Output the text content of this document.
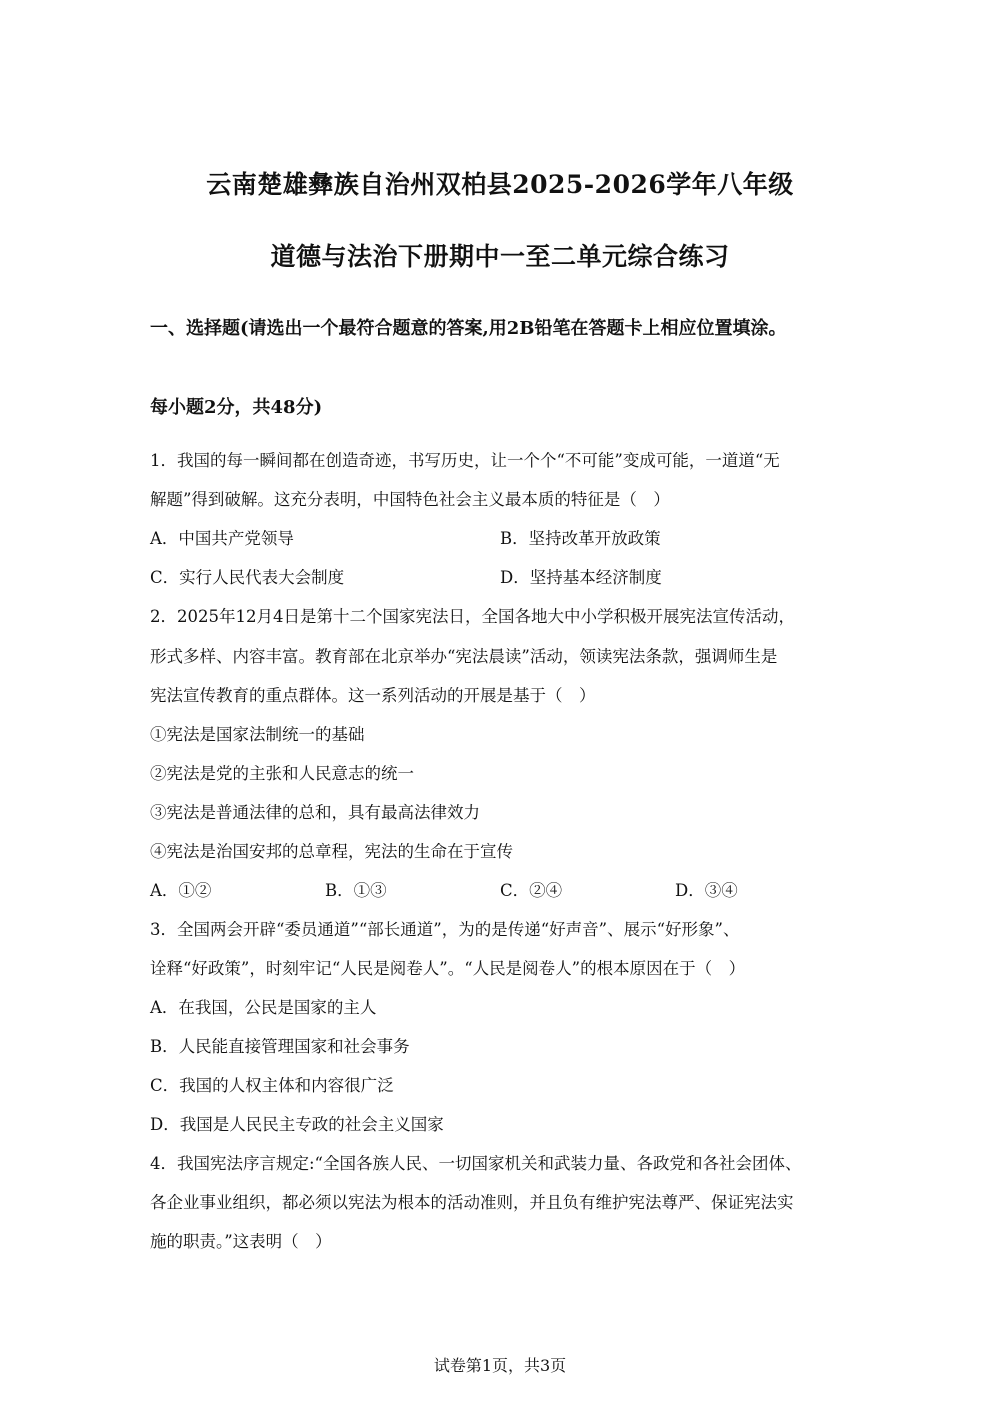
云南楚雄彝族自治州双柏县2025-2026学年八年级
道德与法治下册期中一至二单元综合练习
一、选择题(请选出一个最符合题意的答案,用2B铅笔在答题卡上相应位置填涂。
每小题2分，共48分)
1．我国的每一瞬间都在创造奇迹，书写历史，让一个个“不可能”变成可能，一道道“无
解题”得到破解。这充分表明，中国特色社会主义最本质的特征是（　）
A．中国共产党领导	B．坚持改革开放政策
C．实行人民代表大会制度	D．坚持基本经济制度
2．2025年12月4日是第十二个国家宪法日，全国各地大中小学积极开展宪法宣传活动，
形式多样、内容丰富。教育部在北京举办“宪法晨读”活动，领读宪法条款，强调师生是
宪法宣传教育的重点群体。这一系列活动的开展是基于（　）
①宪法是国家法制统一的基础
②宪法是党的主张和人民意志的统一
③宪法是普通法律的总和，具有最高法律效力
④宪法是治国安邦的总章程，宪法的生命在于宣传
A．①②	B．①③	C．②④	D．③④
3．全国两会开辟“委员通道”“部长通道”，为的是传递“好声音”、展示“好形象”、
诠释“好政策”，时刻牢记“人民是阅卷人”。“人民是阅卷人”的根本原因在于（　）
A．在我国，公民是国家的主人
B．人民能直接管理国家和社会事务
C．我国的人权主体和内容很广泛
D．我国是人民民主专政的社会主义国家
4．我国宪法序言规定:“全国各族人民、一切国家机关和武装力量、各政党和各社会团体、
各企业事业组织，都必须以宪法为根本的活动准则，并且负有维护宪法尊严、保证宪法实
施的职责。”这表明（　）
试卷第1页，共3页
